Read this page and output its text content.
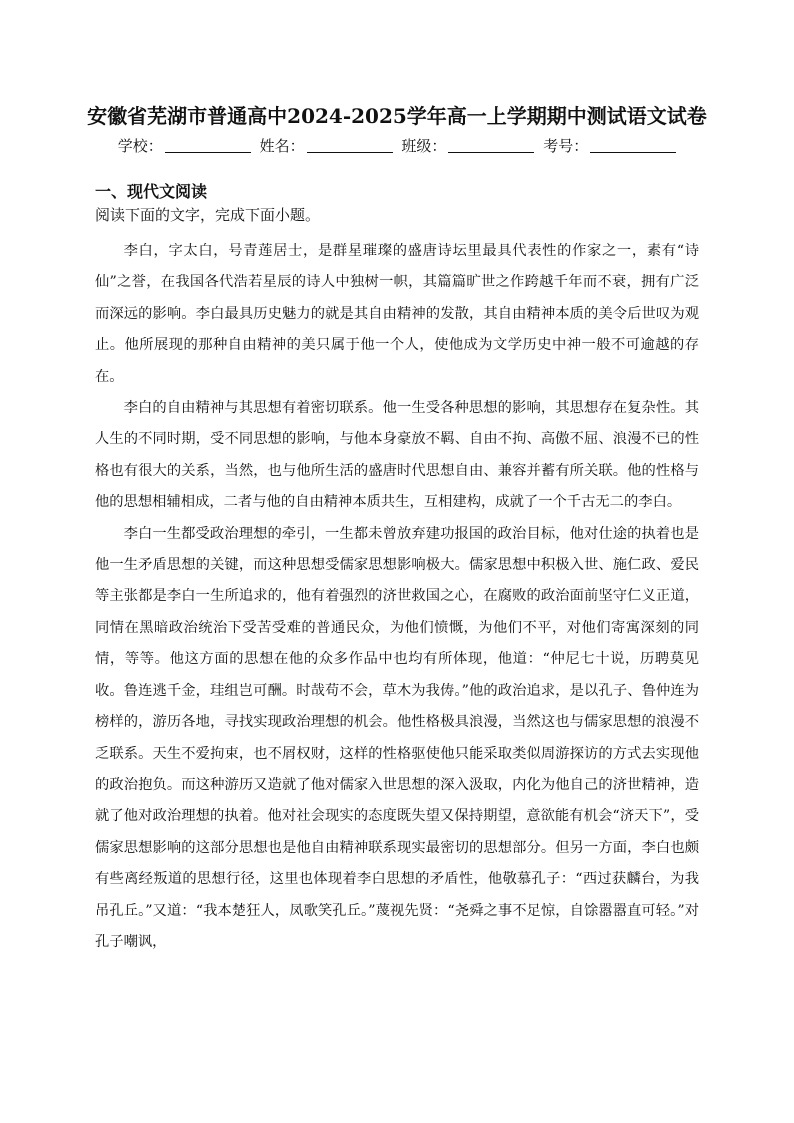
安徽省芜湖市普通高中2024-2025学年高一上学期期中测试语文试卷
学校：	姓名：	班级：	考号：
一、现代文阅读
阅读下面的文字，完成下面小题。

李白，字太白，号青莲居士，是群星璀璨的盛唐诗坛里最具代表性的作家之一，素有“诗仙”之誉，在我国各代浩若星辰的诗人中独树一帜，其篇篇旷世之作跨越千年而不衰，拥有广泛而深远的影响。李白最具历史魅力的就是其自由精神的发散，其自由精神本质的美令后世叹为观止。他所展现的那种自由精神的美只属于他一个人，使他成为文学历史中神一般不可逾越的存在。

李白的自由精神与其思想有着密切联系。他一生受各种思想的影响，其思想存在复杂性。其人生的不同时期，受不同思想的影响，与他本身豪放不羁、自由不拘、高傲不屈、浪漫不已的性格也有很大的关系，当然，也与他所生活的盛唐时代思想自由、兼容并蓄有所关联。他的性格与他的思想相辅相成，二者与他的自由精神本质共生，互相建构，成就了一个千古无二的李白。

李白一生都受政治理想的牵引，一生都未曾放弃建功报国的政治目标，他对仕途的执着也是他一生矛盾思想的关键，而这种思想受儒家思想影响极大。儒家思想中积极入世、施仁政、爱民等主张都是李白一生所追求的，他有着强烈的济世救国之心，在腐败的政治面前坚守仁义正道，同情在黑暗政治统治下受苦受难的普通民众，为他们愤慨，为他们不平，对他们寄寓深刻的同情，等等。他这方面的思想在他的众多作品中也均有所体现，他道：“仲尼七十说，历聘莫见收。鲁连逃千金，珪组岂可酬。时哉苟不会，草木为我俦。”他的政治追求，是以孔子、鲁仲连为榜样的，游历各地，寻找实现政治理想的机会。他性格极具浪漫，当然这也与儒家思想的浪漫不乏联系。天生不爱拘束，也不屑权财，这样的性格驱使他只能采取类似周游探访的方式去实现他的政治抱负。而这种游历又造就了他对儒家入世思想的深入汲取，内化为他自己的济世精神，造就了他对政治理想的执着。他对社会现实的态度既失望又保持期望，意欲能有机会“济天下”，受儒家思想影响的这部分思想也是他自由精神联系现实最密切的思想部分。但另一方面，李白也颇有些离经叛道的思想行径，这里也体现着李白思想的矛盾性，他敬慕孔子：“西过获麟台，为我吊孔丘。”又道：“我本楚狂人，凤歌笑孔丘。”蔑视先贤：“尧舜之事不足惊，自馀嚣嚣直可轻。”对孔子嘲讽，
